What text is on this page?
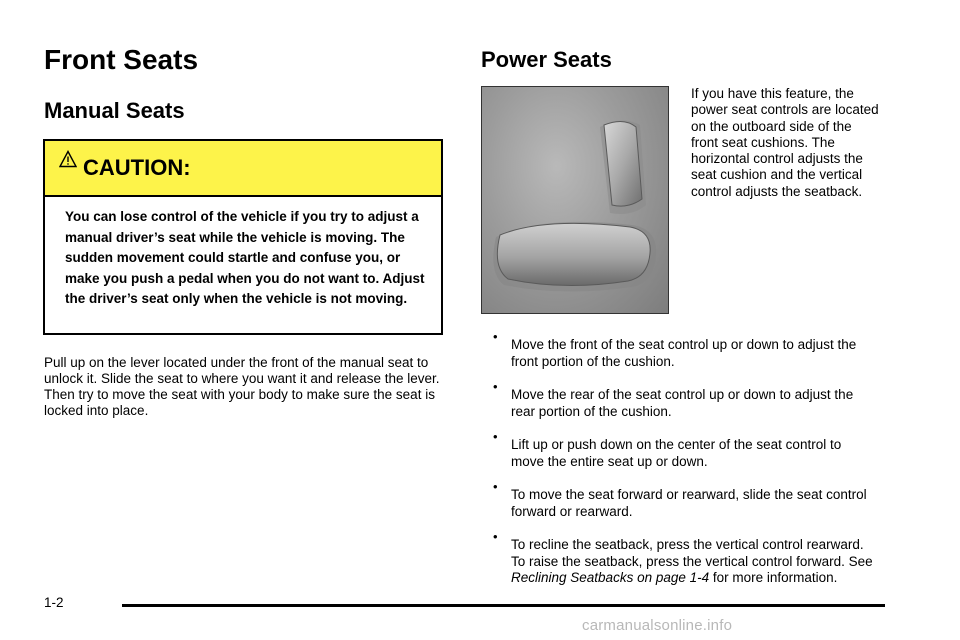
Front Seats
Manual Seats
CAUTION:

You can lose control of the vehicle if you try to adjust a manual driver’s seat while the vehicle is moving. The sudden movement could startle and confuse you, or make you push a pedal when you do not want to. Adjust the driver’s seat only when the vehicle is not moving.

Pull up on the lever located under the front of the manual seat to unlock it. Slide the seat to where you want it and release the lever. Then try to move the seat with your body to make sure the seat is locked into place.

Power Seats

If you have this feature, the power seat controls are located on the outboard side of the front seat cushions. The horizontal control adjusts the seat cushion and the vertical control adjusts the seatback.

•
Move the front of the seat control up or down to adjust the front portion of the cushion.
•
Move the rear of the seat control up or down to adjust the rear portion of the cushion.
•
Lift up or push down on the center of the seat control to move the entire seat up or down.
•
To move the seat forward or rearward, slide the seat control forward or rearward.
•
To recline the seatback, press the vertical control rearward. To raise the seatback, press the vertical control forward. See Reclining Seatbacks on page 1-4 for more information.
1-2
carmanualsonline.info
